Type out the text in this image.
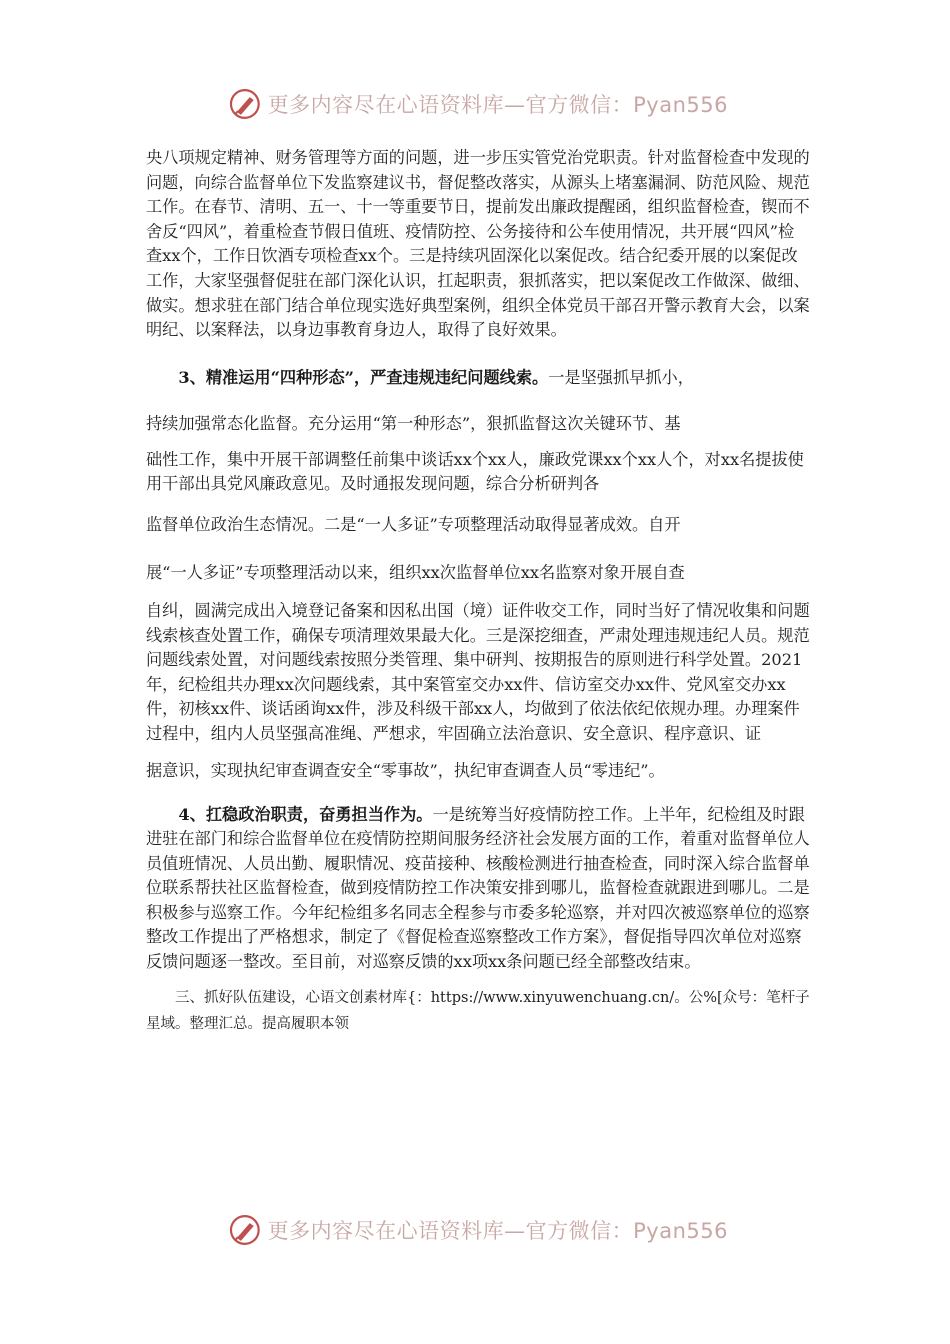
更多内容尽在心语资料库—官方微信：Pyan556

央八项规定精神、财务管理等方面的问题，进一步压实管党治党职责。针对监督检查中发现的问题，向综合监督单位下发监察建议书，督促整改落实，从源头上堵塞漏洞、防范风险、规范工作。在春节、清明、五一、十一等重要节日，提前发出廉政提醒函，组织监督检查，锲而不舍反“四风”，着重检查节假日值班、疫情防控、公务接待和公车使用情况，共开展“四风”检查xx个，工作日饮酒专项检查xx个。三是持续巩固深化以案促改。结合纪委开展的以案促改工作，大家坚强督促驻在部门深化认识，扛起职责，狠抓落实，把以案促改工作做深、做细、做实。想求驻在部门结合单位现实选好典型案例，组织全体党员干部召开警示教育大会，以案明纪、以案释法，以身边事教育身边人，取得了良好效果。

3、精准运用“四种形态”，严查违规违纪问题线索。一是坚强抓早抓小，

持续加强常态化监督。充分运用“第一种形态”，狠抓监督这次关键环节、基

础性工作，集中开展干部调整任前集中谈话xx个xx人，廉政党课xx个xx人个，对xx名提拔使用干部出具党风廉政意见。及时通报发现问题，综合分析研判各

监督单位政治生态情况。二是“一人多证”专项整理活动取得显著成效。自开

展“一人多证”专项整理活动以来，组织xx次监督单位xx名监察对象开展自查

自纠，圆满完成出入境登记备案和因私出国（境）证件收交工作，同时当好了情况收集和问题线索核查处置工作，确保专项清理效果最大化。三是深挖细查，严肃处理违规违纪人员。规范问题线索处置，对问题线索按照分类管理、集中研判、按期报告的原则进行科学处置。2021年，纪检组共办理xx次问题线索，其中案管室交办xx件、信访室交办xx件、党风室交办xx件，初核xx件、谈话函询xx件，涉及科级干部xx人，均做到了依法依纪依规办理。办理案件过程中，组内人员坚强高准绳、严想求，牢固确立法治意识、安全意识、程序意识、证

据意识，实现执纪审查调查安全“零事故”，执纪审查调查人员“零违纪”。

4、扛稳政治职责，奋勇担当作为。一是统筹当好疫情防控工作。上半年，纪检组及时跟进驻在部门和综合监督单位在疫情防控期间服务经济社会发展方面的工作，着重对监督单位人员值班情况、人员出勤、履职情况、疫苗接种、核酸检测进行抽查检查，同时深入综合监督单位联系帮扶社区监督检查，做到疫情防控工作决策安排到哪儿，监督检查就跟进到哪儿。二是积极参与巡察工作。今年纪检组多名同志全程参与市委多轮巡察，并对四次被巡察单位的巡察整改工作提出了严格想求，制定了《督促检查巡察整改工作方案》，督促指导四次单位对巡察反馈问题逐一整改。至目前，对巡察反馈的xx项xx条问题已经全部整改结束。

三、抓好队伍建设，心语文创素材库{：https://www.xinyuwenchuang.cn/。公%[众号：笔杆子星域。整理汇总。提高履职本领

更多内容尽在心语资料库—官方微信：Pyan556
